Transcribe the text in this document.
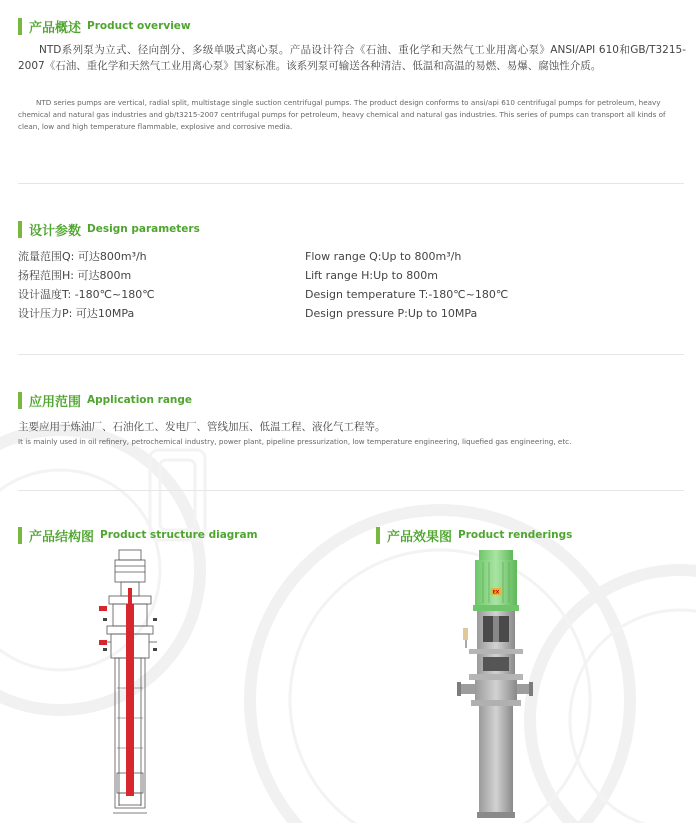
产品概述 Product overview
NTD系列泵为立式、径向剖分、多级单吸式离心泵。产品设计符合《石油、重化学和天然气工业用离心泵》ANSI/API 610和GB/T3215-2007《石油、重化学和天然气工业用离心泵》国家标准。该系列泵可输送各种清洁、低温和高温的易燃、易爆、腐蚀性介质。
NTD series pumps are vertical, radial split, multistage single suction centrifugal pumps. The product design conforms to ansi/api 610 centrifugal pumps for petroleum, heavy chemical and natural gas industries and gb/t3215-2007 centrifugal pumps for petroleum, heavy chemical and natural gas industries. This series of pumps can transport all kinds of clean, low and high temperature flammable, explosive and corrosive media.
设计参数 Design parameters
流量范围Q: 可达800m³/h
扬程范围H: 可达800m
设计温度T: -180℃~180℃
设计压力P: 可达10MPa
Flow range Q:Up to 800m³/h
Lift range H:Up to 800m
Design temperature T:-180℃~180℃
Design pressure P:Up to 10MPa
应用范围 Application range
主要应用于炼油厂、石油化工、发电厂、管线加压、低温工程、液化气工程等。
It is mainly used in oil refinery, petrochemical industry, power plant, pipeline pressurization, low temperature engineering, liquefied gas engineering, etc.
产品结构图 Product structure diagram	产品效果图 Product renderings
EX
